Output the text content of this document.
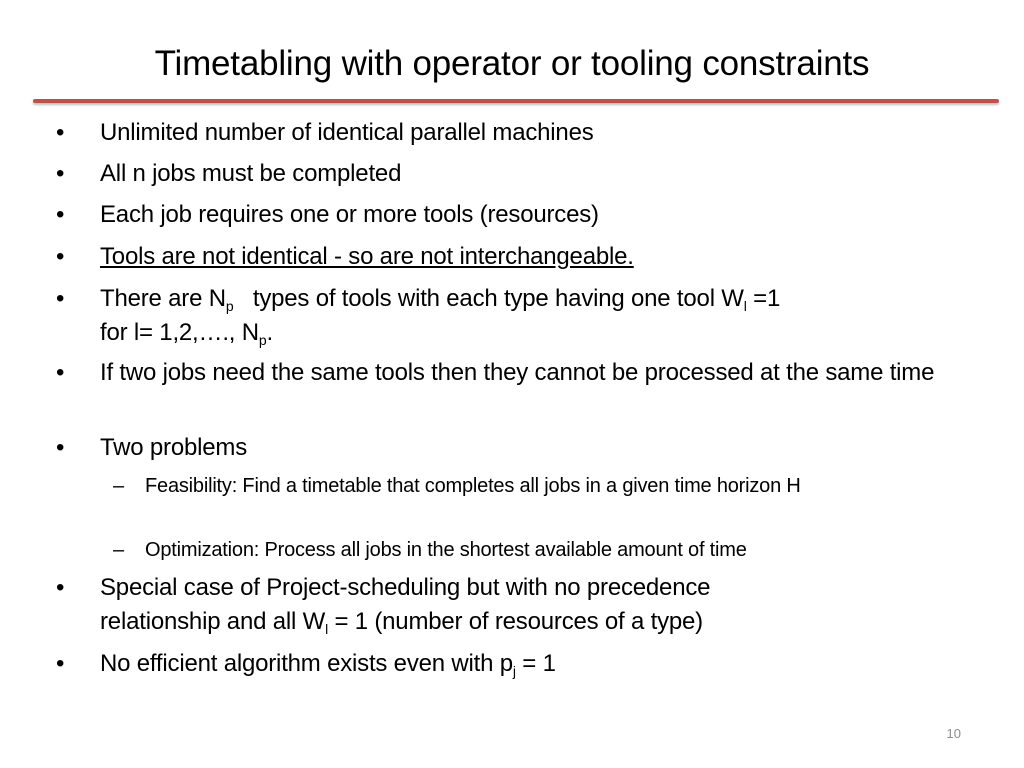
Timetabling with operator or tooling constraints
• Unlimited number of identical parallel machines
• All n jobs must be completed
• Each job requires one or more tools (resources)
• Tools are not identical - so are not interchangeable.
• There are $N_p$   types of tools with each type having one tool $W_l =1$
for l= 1,2,…., $N_p$.
• If two jobs need the same tools then they cannot be processed at the same time
• Two problems
– Feasibility: Find a timetable that completes all jobs in a given time horizon H
– Optimization: Process all jobs in the shortest available amount of time
• Special case of Project-scheduling but with no precedence
relationship and all $W_l = 1$ (number of resources of a type)
• No efficient algorithm exists even with $p_j = 1$
10
